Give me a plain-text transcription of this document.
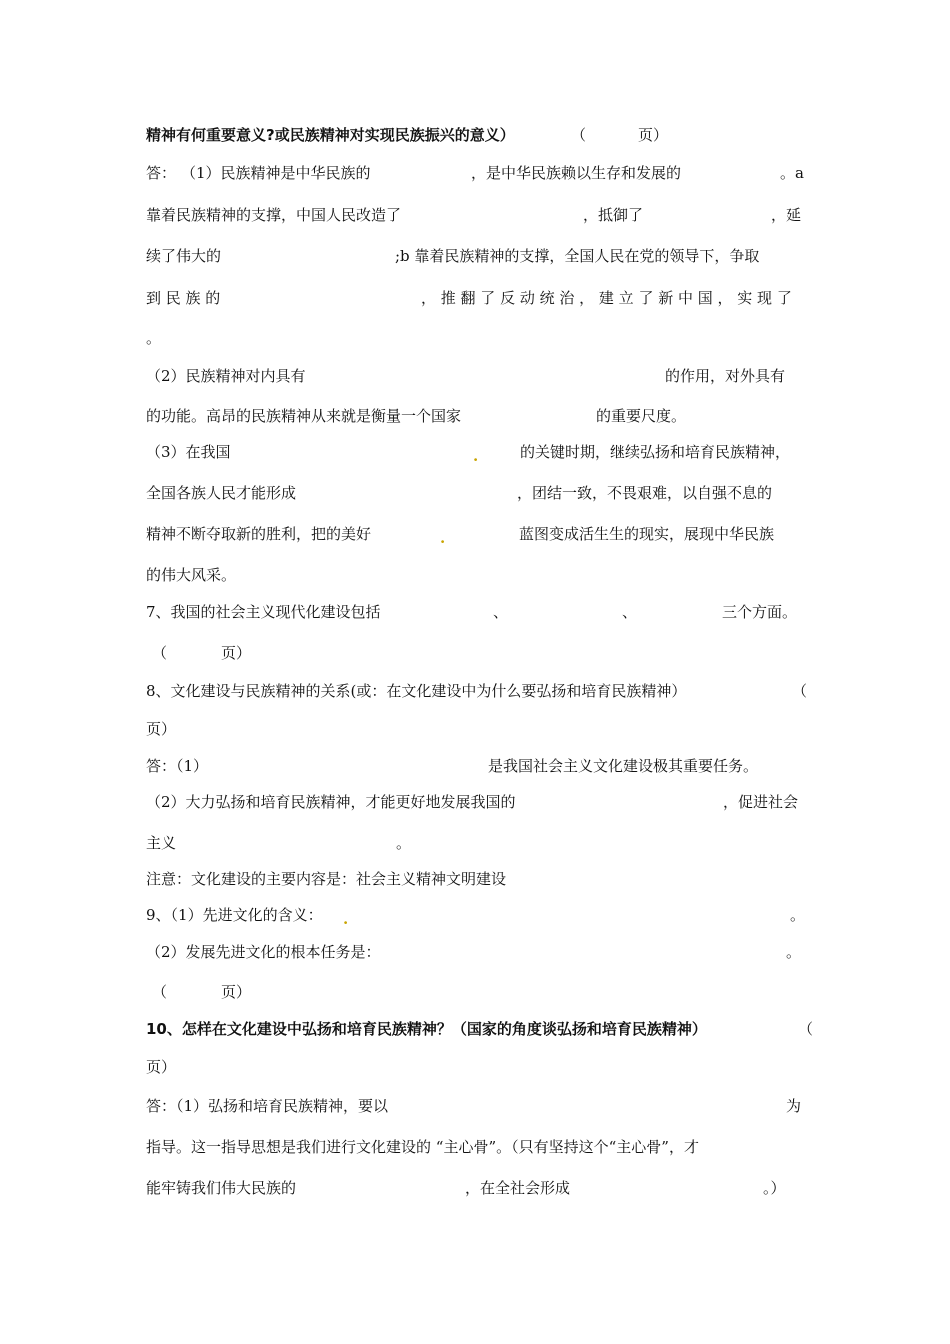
精神有何重要意义?或民族精神对实现民族振兴的意义）	（	页）
答： （1）民族精神是中华民族的	，是中华民族赖以生存和发展的	。a
靠着民族精神的支撑，中国人民改造了	，抵御了	，延
续了伟大的	;b 靠着民族精神的支撑，全国人民在党的领导下，争取
到 民 族 的	， 推 翻 了 反 动 统 治 ， 建 立 了 新 中 国 ， 实 现 了
。
（2）民族精神对内具有	的作用，对外具有
的功能。高昂的民族精神从来就是衡量一个国家	的重要尺度。
（3）在我国	.	的关键时期，继续弘扬和培育民族精神，
全国各族人民才能形成	，团结一致，不畏艰难，以自强不息的
精神不断夺取新的胜利，把的美好	.	蓝图变成活生生的现实，展现中华民族
的伟大风采。
7、我国的社会主义现代化建设包括	、	、	三个方面。
（	页）
8、文化建设与民族精神的关系(或：在文化建设中为什么要弘扬和培育民族精神）	（
页）
答：（1）	是我国社会主义文化建设极其重要任务。
（2）大力弘扬和培育民族精神，才能更好地发展我国的	，促进社会
主义	。
注意：文化建设的主要内容是：社会主义精神文明建设
9、（1）先进文化的含义： .	。
（2）发展先进文化的根本任务是：	。
（	页）
10、怎样在文化建设中弘扬和培育民族精神？（国家的角度谈弘扬和培育民族精神）	（
页）
答：（1）弘扬和培育民族精神，要以	为
指导。这一指导思想是我们进行文化建设的 “主心骨”。（只有坚持这个“主心骨”，才
能牢铸我们伟大民族的	，在全社会形成	。）
